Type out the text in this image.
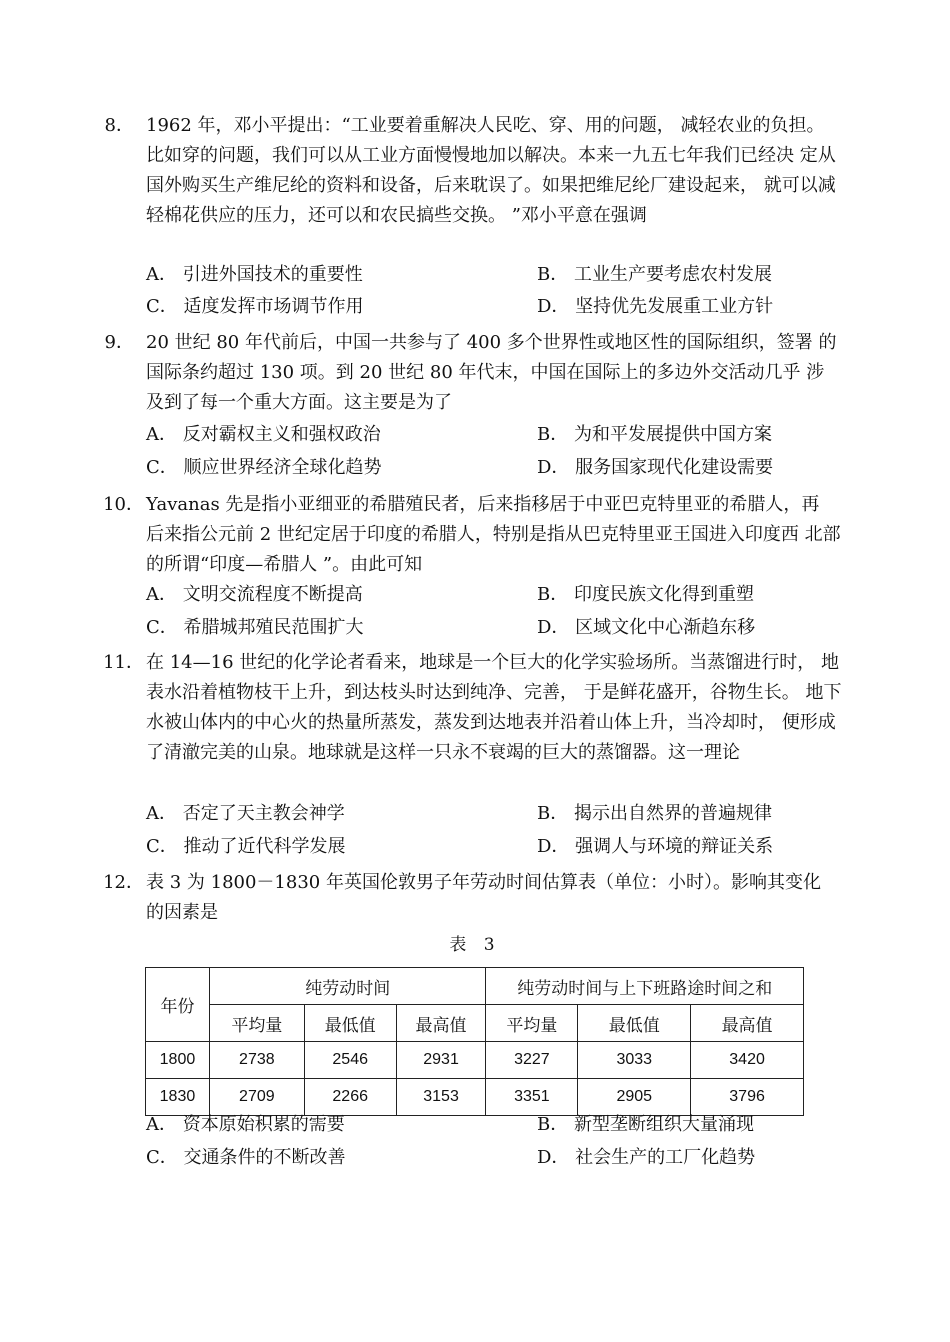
8． 1962 年，邓小平提出：“工业要着重解决人民吃、穿、用的问题， 减轻农业的负担。 比如穿的问题，我们可以从工业方面慢慢地加以解决。本来一九五七年我们已经决 定从国外购买生产维尼纶的资料和设备，后来耽误了。如果把维尼纶厂建设起来， 就可以减轻棉花供应的压力，还可以和农民搞些交换。 ”邓小平意在强调
A． 引进外国技术的重要性	B． 工业生产要考虑农村发展
C． 适度发挥市场调节作用	D． 坚持优先发展重工业方针
9． 20 世纪 80 年代前后，中国一共参与了 400 多个世界性或地区性的国际组织，签署 的国际条约超过 130 项。到 20 世纪 80 年代末，中国在国际上的多边外交活动几乎 涉及到了每一个重大方面。这主要是为了
A． 反对霸权主义和强权政治	B． 为和平发展提供中国方案
C． 顺应世界经济全球化趋势	D． 服务国家现代化建设需要
10． Yavanas 先是指小亚细亚的希腊殖民者，后来指移居于中亚巴克特里亚的希腊人，再 后来指公元前 2 世纪定居于印度的希腊人，特别是指从巴克特里亚王国进入印度西 北部的所谓“印度—希腊人 ”。由此可知
A． 文明交流程度不断提高	B． 印度民族文化得到重塑
C． 希腊城邦殖民范围扩大	D． 区域文化中心渐趋东移
11． 在 14—16 世纪的化学论者看来，地球是一个巨大的化学实验场所。当蒸馏进行时， 地表水沿着植物枝干上升，到达枝头时达到纯净、完善， 于是鲜花盛开，谷物生长。 地下水被山体内的中心火的热量所蒸发，蒸发到达地表并沿着山体上升，当冷却时， 便形成了清澈完美的山泉。地球就是这样一只永不衰竭的巨大的蒸馏器。这一理论
A． 否定了天主教会神学	B． 揭示出自然界的普遍规律
C． 推动了近代科学发展	D． 强调人与环境的辩证关系
12． 表 3 为 1800－1830 年英国伦敦男子年劳动时间估算表（单位：小时）。影响其变化 的因素是
表 3
年份	纯劳动时间			纯劳动时间与上下班路途时间之和		
	平均量	最低值	最高值	平均量	最低值	最高值
1800	2738	2546	2931	3227	3033	3420
1830	2709	2266	3153	3351	2905	3796
A． 资本原始积累的需要	B． 新型垄断组织大量涌现
C． 交通条件的不断改善	D． 社会生产的工厂化趋势
